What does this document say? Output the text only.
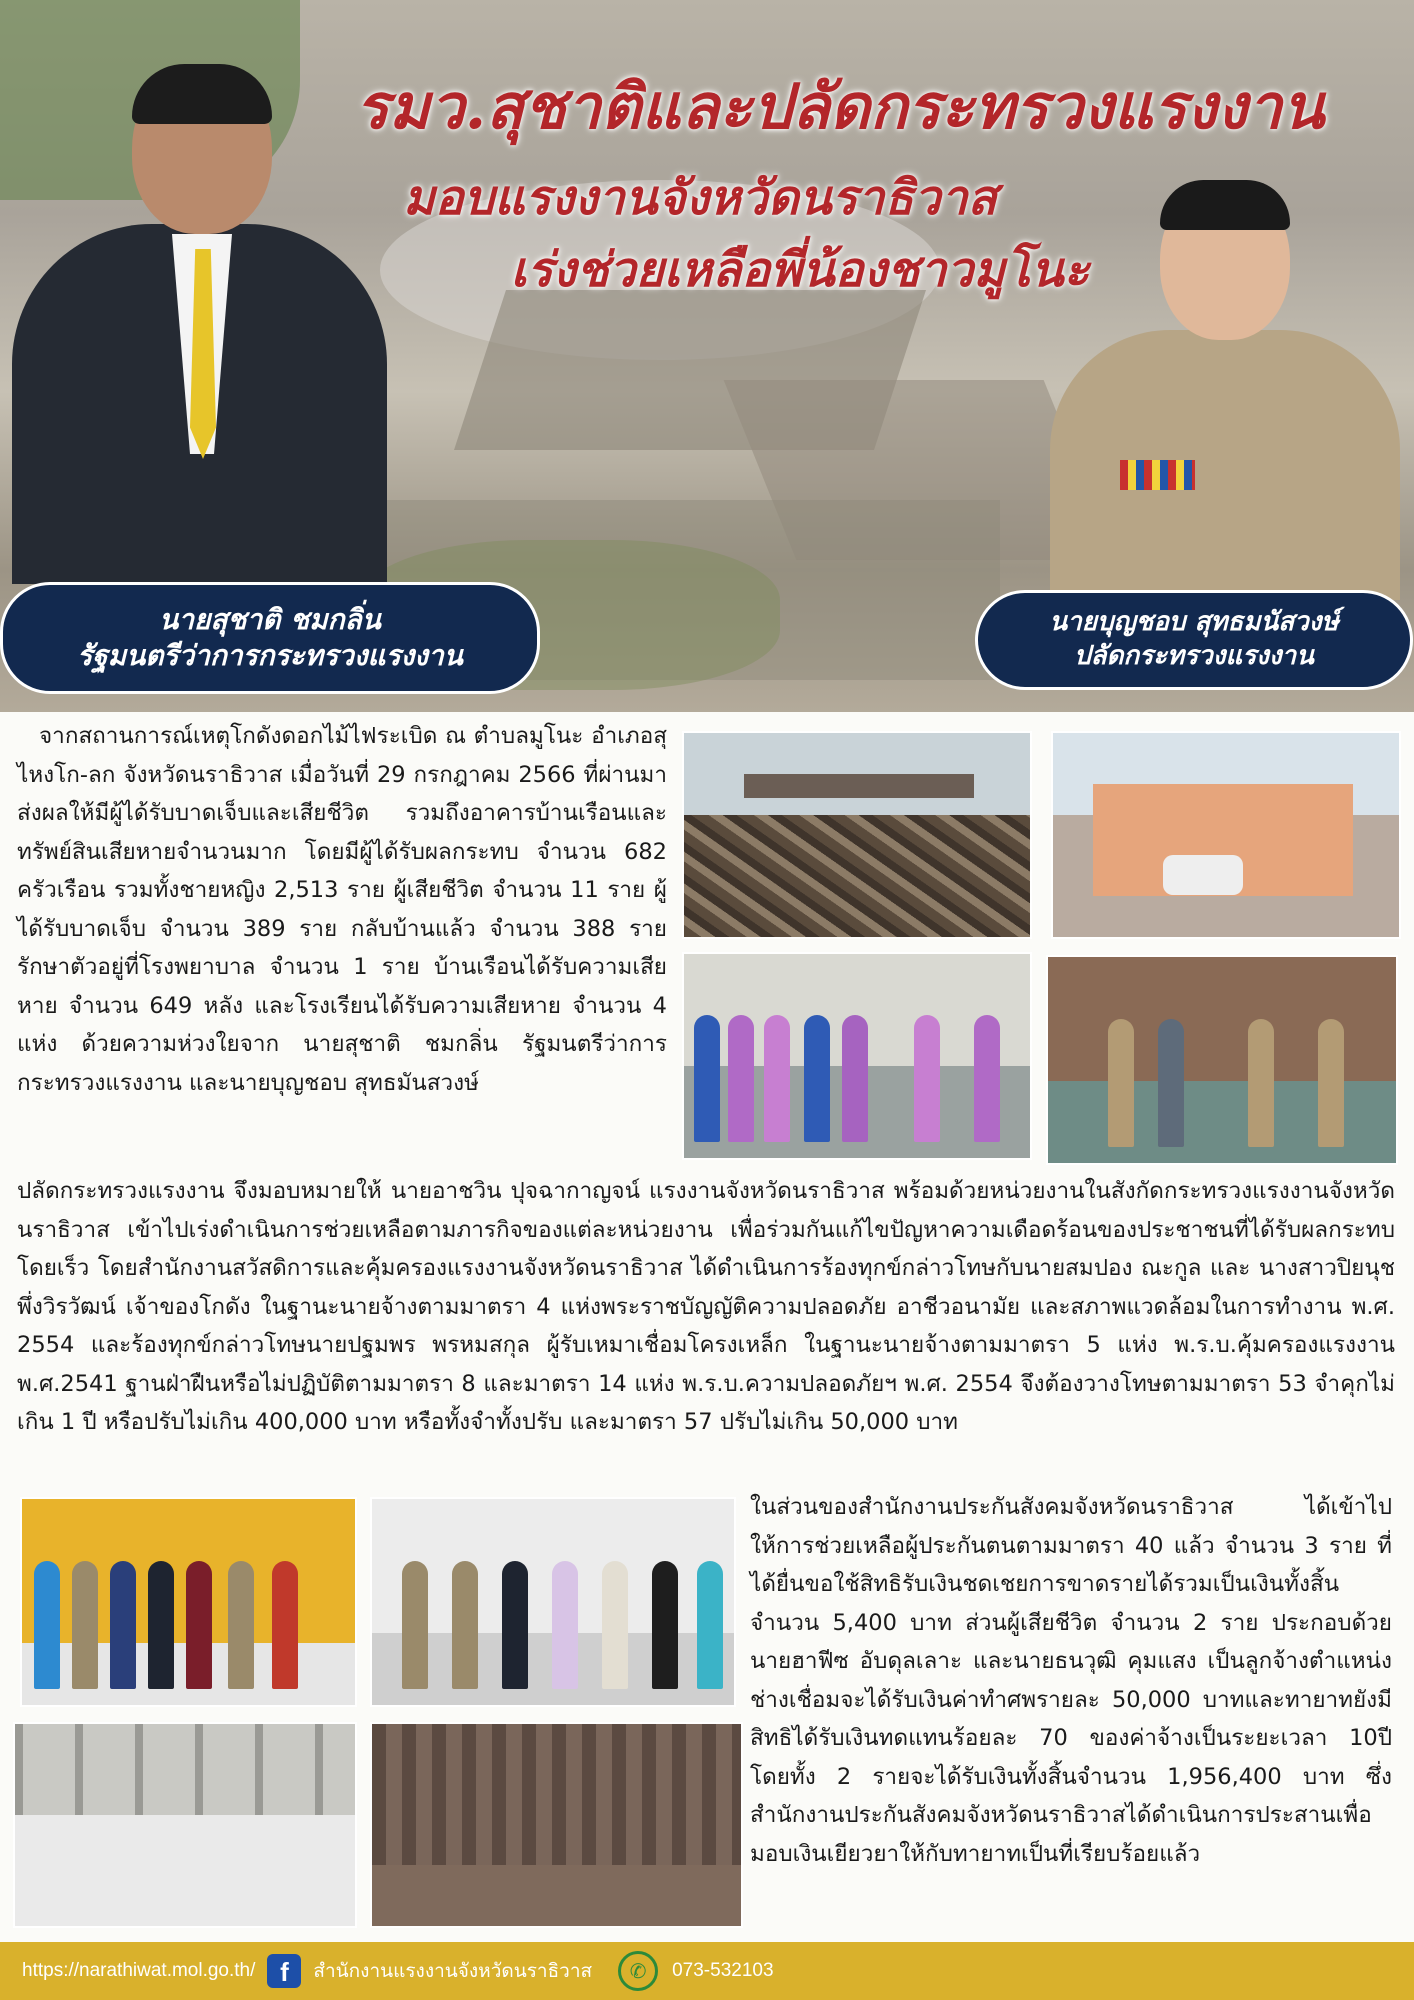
รมว.สุชาติและปลัดกระทรวงแรงงาน
มอบแรงงานจังหวัดนราธิวาส
เร่งช่วยเหลือพี่น้องชาวมูโนะ
นายสุชาติ ชมกลิ่น
รัฐมนตรีว่าการกระทรวงแรงงาน
นายบุญชอบ สุทธมนัสวงษ์
ปลัดกระทรวงแรงงาน
จากสถานการณ์เหตุโกดังดอกไม้ไฟระเบิด ณ ตำบลมูโนะ อำเภอสุไหงโก-ลก จังหวัดนราธิวาส เมื่อวันที่ 29 กรกฎาคม 2566 ที่ผ่านมา ส่งผลให้มีผู้ได้รับบาดเจ็บและเสียชีวิต รวมถึงอาคารบ้านเรือนและทรัพย์สินเสียหายจำนวนมาก โดยมีผู้ได้รับผลกระทบ จำนวน 682 ครัวเรือน รวมทั้งชายหญิง 2,513 ราย ผู้เสียชีวิต จำนวน 11 ราย ผู้ได้รับบาดเจ็บ จำนวน 389 ราย กลับบ้านแล้ว จำนวน 388 ราย รักษาตัวอยู่ที่โรงพยาบาล จำนวน 1 ราย บ้านเรือนได้รับความเสียหาย จำนวน 649 หลัง และโรงเรียนได้รับความเสียหาย จำนวน 4 แห่ง ด้วยความห่วงใยจาก นายสุชาติ ชมกลิ่น รัฐมนตรีว่าการกระทรวงแรงงาน และนายบุญชอบ สุทธมันสวงษ์
ปลัดกระทรวงแรงงาน จึงมอบหมายให้ นายอาชวิน ปุจฉากาญจน์ แรงงานจังหวัดนราธิวาส พร้อมด้วยหน่วยงานในสังกัดกระทรวงแรงงานจังหวัดนราธิวาส เข้าไปเร่งดำเนินการช่วยเหลือตามภารกิจของแต่ละหน่วยงาน เพื่อร่วมกันแก้ไขปัญหาความเดือดร้อนของประชาชนที่ได้รับผลกระทบโดยเร็ว โดยสำนักงานสวัสดิการและคุ้มครองแรงงานจังหวัดนราธิวาส ได้ดำเนินการร้องทุกข์กล่าวโทษกับนายสมปอง ณะกูล และ นางสาวปิยนุช พึ่งวิรวัฒน์ เจ้าของโกดัง ในฐานะนายจ้างตามมาตรา 4 แห่งพระราชบัญญัติความปลอดภัย อาชีวอนามัย และสภาพแวดล้อมในการทำงาน พ.ศ. 2554 และร้องทุกข์กล่าวโทษนายปฐมพร พรหมสกุล ผู้รับเหมาเชื่อมโครงเหล็ก ในฐานะนายจ้างตามมาตรา 5 แห่ง พ.ร.บ.คุ้มครองแรงงาน พ.ศ.2541 ฐานฝ่าฝืนหรือไม่ปฏิบัติตามมาตรา 8 และมาตรา 14 แห่ง พ.ร.บ.ความปลอดภัยฯ พ.ศ. 2554 จึงต้องวางโทษตามมาตรา 53 จำคุกไม่เกิน 1 ปี หรือปรับไม่เกิน 400,000 บาท หรือทั้งจำทั้งปรับ และมาตรา 57 ปรับไม่เกิน 50,000 บาท
ในส่วนของสำนักงานประกันสังคมจังหวัดนราธิวาส ได้เข้าไปให้การช่วยเหลือผู้ประกันตนตามมาตรา 40 แล้ว จำนวน 3 ราย ที่ได้ยื่นขอใช้สิทธิรับเงินชดเชยการขาดรายได้รวมเป็นเงินทั้งสิ้น จำนวน 5,400 บาท ส่วนผู้เสียชีวิต จำนวน 2 ราย ประกอบด้วย นายฮาฟีซ อับดุลเลาะ และนายธนวุฒิ คุมแสง เป็นลูกจ้างตำแหน่งช่างเชื่อมจะได้รับเงินค่าทำศพรายละ 50,000 บาทและทายาทยังมีสิทธิได้รับเงินทดแทนร้อยละ 70 ของค่าจ้างเป็นระยะเวลา 10ปี โดยทั้ง 2 รายจะได้รับเงินทั้งสิ้นจำนวน 1,956,400 บาท ซึ่งสำนักงานประกันสังคมจังหวัดนราธิวาสได้ดำเนินการประสานเพื่อมอบเงินเยียวยาให้กับทายาทเป็นที่เรียบร้อยแล้ว
https://narathiwat.mol.go.th/ f	สำนักงานแรงงานจังหวัดนราธิวาส	✆	073-532103
